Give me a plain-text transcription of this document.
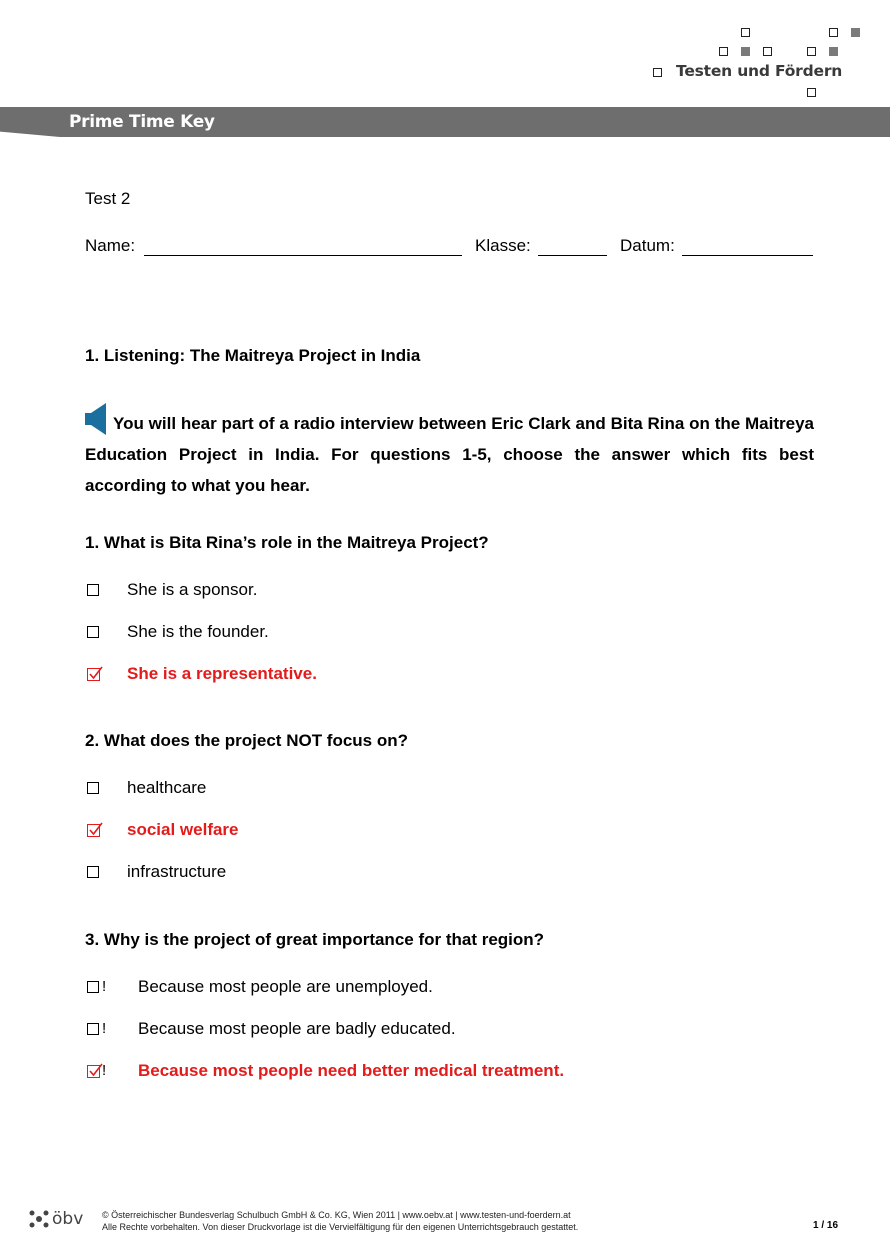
Testen und Fördern
Prime Time Key
Test 2
Name:	Klasse:	Datum:
1. Listening: The Maitreya Project in India
You will hear part of a radio interview between Eric Clark and Bita Rina on the Maitreya Education Project in India. For questions 1-5, choose the answer which fits best according to what you hear.
1. What is Bita Rina’s role in the Maitreya Project?
She is a sponsor.
She is the founder.
She is a representative.
2. What does the project NOT focus on?
healthcare
social welfare
infrastructure
3. Why is the project of great importance for that region?
! Because most people are unemployed.
! Because most people are badly educated.
! Because most people need better medical treatment.
öbv © Österreichischer Bundesverlag Schulbuch GmbH & Co. KG, Wien 2011 | www.oebv.at | www.testen-und-foerdern.at
Alle Rechte vorbehalten. Von dieser Druckvorlage ist die Vervielfältigung für den eigenen Unterrichtsgebrauch gestattet.	1 / 16
